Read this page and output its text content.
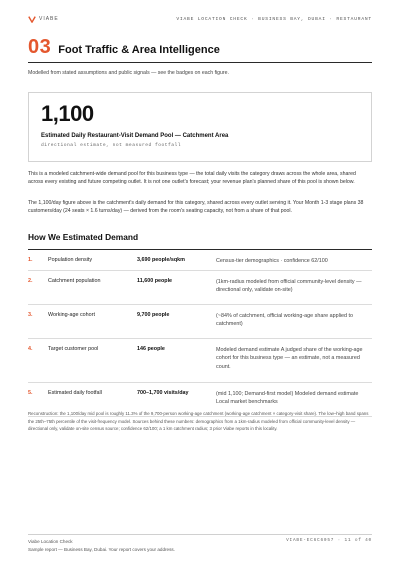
VIABE	VIABE LOCATION CHECK · BUSINESS BAY, DUBAI · RESTAURANT
03 Foot Traffic & Area Intelligence
Modelled from stated assumptions and public signals — see the badges on each figure.
1,100
Estimated Daily Restaurant-Visit Demand Pool — Catchment Area
directional estimate, not measured footfall

This is a modeled catchment-wide demand pool for this business type — the total daily visits the category draws across the whole area, shared across every existing and future competing outlet. It is not one outlet's forecast; your revenue plan's planned share of this pool is shown below.

The 1,100/day figure above is the catchment's daily demand for this category, shared across every outlet serving it. Your Month 1-3 stage plans 38 customers/day (24 seats × 1.6 turns/day) — derived from the room's seating capacity, not from a share of that pool.

How We Estimated Demand
1.	Population density	3,690 people/sqkm	Census-tier demographics · confidence 62/100
2.	Catchment population	11,600 people	(1km-radius modeled from official community-level density — directional only, validate on-site)
3.	Working-age cohort	9,700 people	(~84% of catchment, official working-age share applied to catchment)
4.	Target customer pool	146 people	Modeled demand estimate A judged share of the working-age cohort for this business type — an estimate, not a measured count.
5.	Estimated daily footfall	700–1,700 visits/day	(mid 1,100; Demand-first model) Modeled demand estimate Local market benchmarks

Reconstruction: the 1,100/day mid pool is roughly 11.3% of the 9,700-person working-age catchment (working-age catchment × category-visit share). The low–high band spans the 25th–75th percentile of the visit-frequency model. Sources behind these numbers: demographics from a 1km-radius modeled from official community-level density — directional only, validate on-site census source; confidence 62/100; a 1 km catchment radius; 3 prior Viabe reports in this locality.

Viabe Location Check
Sample report — Business Bay, Dubai. Your report covers your address.
VIABE-EC6C6057 · 11 of 40
